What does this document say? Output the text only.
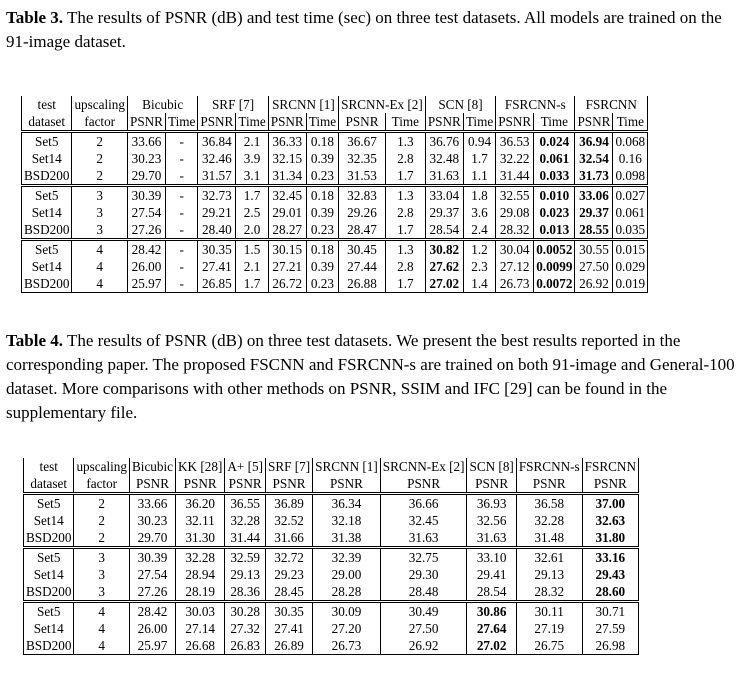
Table 3. The results of PSNR (dB) and test time (sec) on three test datasets. All models are trained on the 91-image dataset.

test	upscaling	Bicubic		SRF [7]		SRCNN [1]		SRCNN-Ex [2]		SCN [8]		FSRCNN-s		FSRCNN	
dataset	factor	PSNR	Time	PSNR	Time	PSNR	Time	PSNR	Time	PSNR	Time	PSNR	Time	PSNR	Time
Set5	2	33.66	-	36.84	2.1	36.33	0.18	36.67	1.3	36.76	0.94	36.53	0.024	36.94	0.068
Set14	2	30.23	-	32.46	3.9	32.15	0.39	32.35	2.8	32.48	1.7	32.22	0.061	32.54	0.16
BSD200	2	29.70	-	31.57	3.1	31.34	0.23	31.53	1.7	31.63	1.1	31.44	0.033	31.73	0.098
Set5	3	30.39	-	32.73	1.7	32.45	0.18	32.83	1.3	33.04	1.8	32.55	0.010	33.06	0.027
Set14	3	27.54	-	29.21	2.5	29.01	0.39	29.26	2.8	29.37	3.6	29.08	0.023	29.37	0.061
BSD200	3	27.26	-	28.40	2.0	28.27	0.23	28.47	1.7	28.54	2.4	28.32	0.013	28.55	0.035
Set5	4	28.42	-	30.35	1.5	30.15	0.18	30.45	1.3	30.82	1.2	30.04	0.0052	30.55	0.015
Set14	4	26.00	-	27.41	2.1	27.21	0.39	27.44	2.8	27.62	2.3	27.12	0.0099	27.50	0.029
BSD200	4	25.97	-	26.85	1.7	26.72	0.23	26.88	1.7	27.02	1.4	26.73	0.0072	26.92	0.019

Table 4. The results of PSNR (dB) on three test datasets. We present the best results reported in the corresponding paper. The proposed FSCNN and FSRCNN-s are trained on both 91-image and General-100 dataset. More comparisons with other methods on PSNR, SSIM and IFC [29] can be found in the supplementary file.

test	upscaling	Bicubic	KK [28]	A+ [5]	SRF [7]	SRCNN [1]	SRCNN-Ex [2]	SCN [8]	FSRCNN-s	FSRCNN
dataset	factor	PSNR	PSNR	PSNR	PSNR	PSNR	PSNR	PSNR	PSNR	PSNR
Set5	2	33.66	36.20	36.55	36.89	36.34	36.66	36.93	36.58	37.00
Set14	2	30.23	32.11	32.28	32.52	32.18	32.45	32.56	32.28	32.63
BSD200	2	29.70	31.30	31.44	31.66	31.38	31.63	31.63	31.48	31.80
Set5	3	30.39	32.28	32.59	32.72	32.39	32.75	33.10	32.61	33.16
Set14	3	27.54	28.94	29.13	29.23	29.00	29.30	29.41	29.13	29.43
BSD200	3	27.26	28.19	28.36	28.45	28.28	28.48	28.54	28.32	28.60
Set5	4	28.42	30.03	30.28	30.35	30.09	30.49	30.86	30.11	30.71
Set14	4	26.00	27.14	27.32	27.41	27.20	27.50	27.64	27.19	27.59
BSD200	4	25.97	26.68	26.83	26.89	26.73	26.92	27.02	26.75	26.98
